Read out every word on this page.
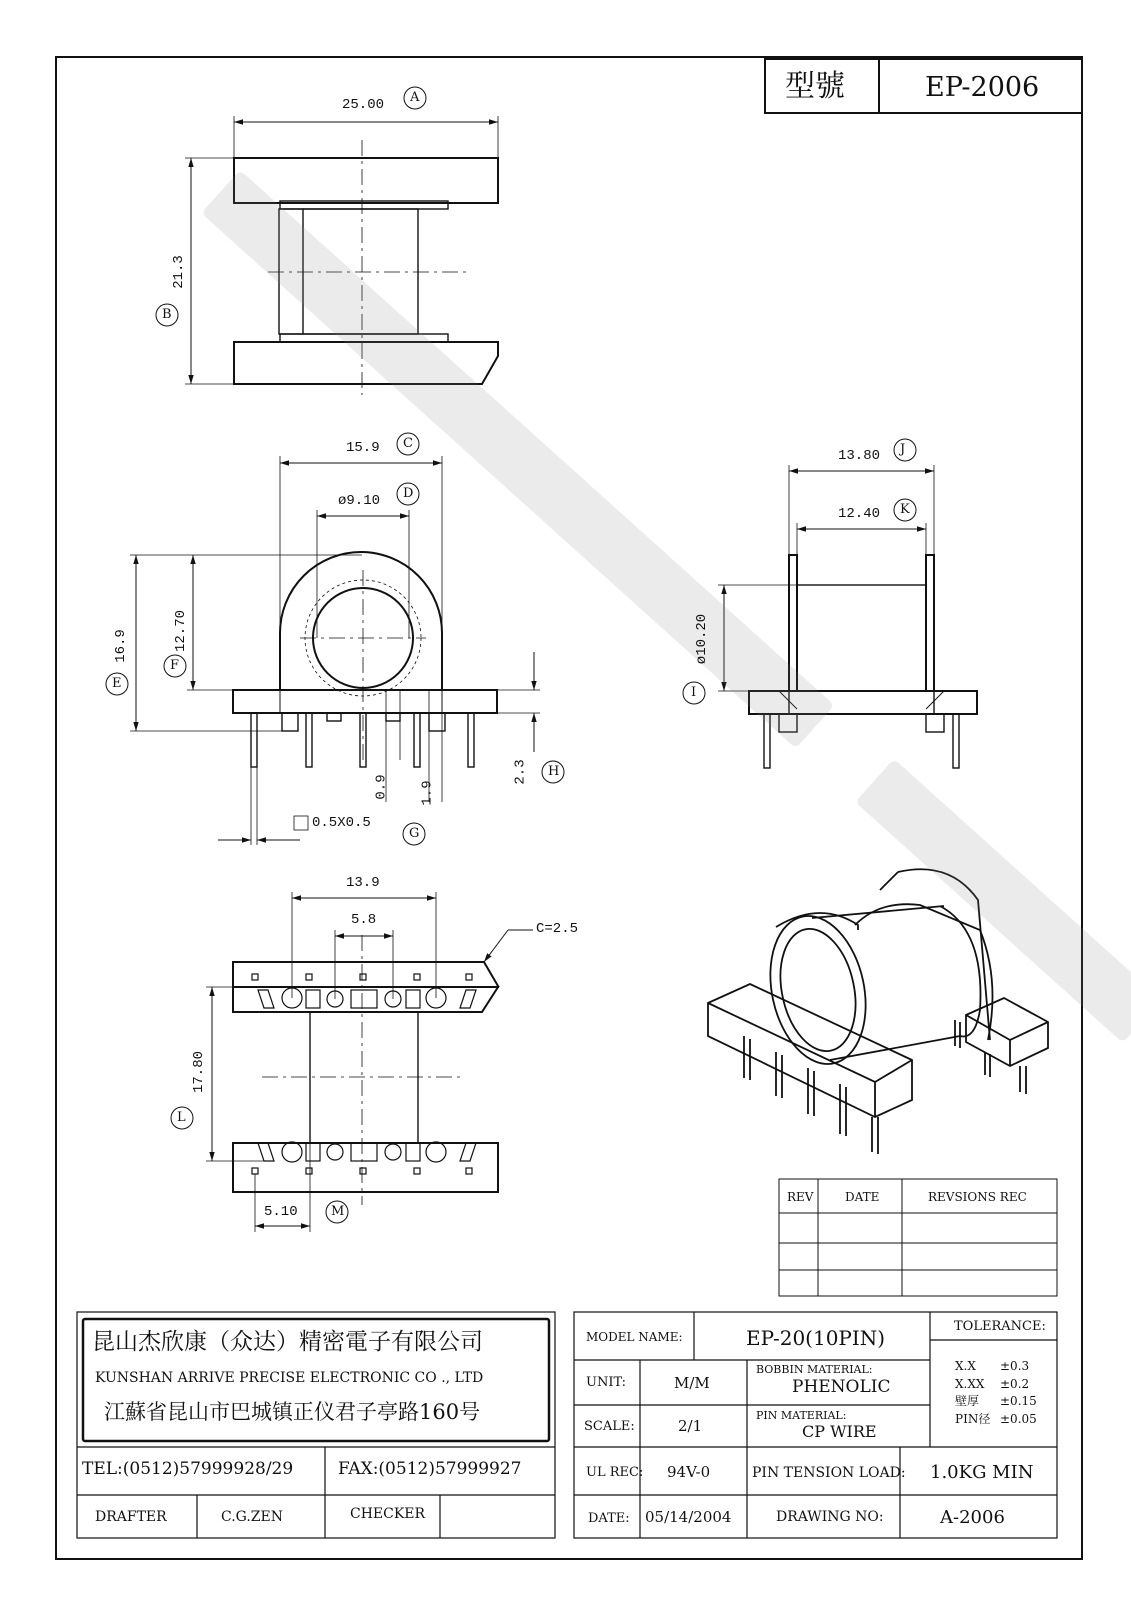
型號	EP-2006
25.00 A
21.3
B
15.9 C
ø9.10 D
16.9
E
12.70
F
0.5X0.5
G
2.3 H
0.9 1.9
ø10.20
I
13.80 J
12.40 K
13.9
5.8
C=2.5
17.80
L
5.10	M
REV	DATE	REVSIONS REC
昆山杰欣康（众达）精密電子有限公司
KUNSHAN ARRIVE PRECISE ELECTRONIC CO ., LTD
江蘇省昆山市巴城镇正仪君子亭路160号
TEL:(0512)57999928/29	FAX:(0512)57999927
DRAFTER	C.G.ZEN	CHECKER
MODEL NAME:	EP-20(10PIN)
UNIT:	M/M
BOBBIN MATERIAL:
PHENOLIC
SCALE:	2/1
PIN MATERIAL:
CP WIRE
UL REC: 94V-0	PIN TENSION LOAD: 1.0KG MIN
DATE: 05/14/2004	DRAWING NO:	A-2006
TOLERANCE:
X.X ±0.3
X.XX ±0.2
壁厚 ±0.15
PIN径 ±0.05
